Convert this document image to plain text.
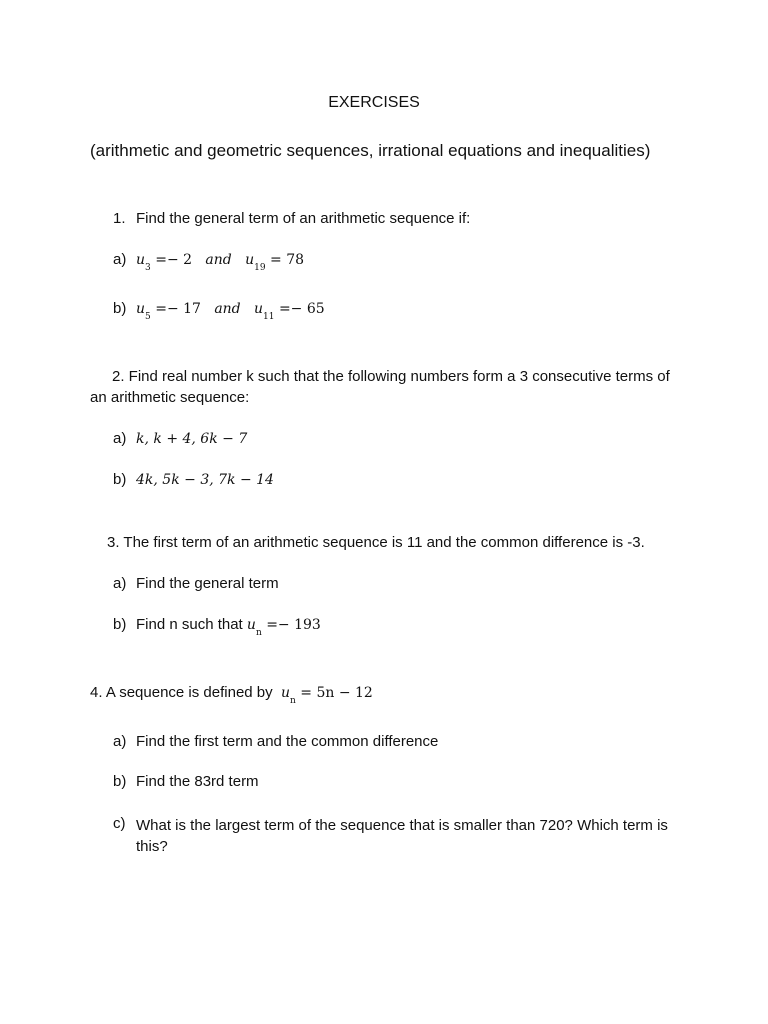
EXERCISES
(arithmetic and geometric sequences, irrational equations and inequalities)
1. Find the general term of an arithmetic sequence if:
a) $u_3 =- 2$ and $u_{19} = 78$
b) $u_5 =- 17$ and $u_{11} =- 65$
2. Find real number k such that the following numbers form a 3 consecutive terms of
an arithmetic sequence:
a) k, k + 4, 6k − 7
b) 4k, 5k − 3, 7k − 14
3. The first term of an arithmetic sequence is 11 and the common difference is -3.
a) Find the general term
b) Find n such that $u_n =- 193$
4. A sequence is defined by $u_n = 5n - 12$
a) Find the first term and the common difference
b) Find the 83rd term
c) What is the largest term of the sequence that is smaller than 720? Which term is this?
